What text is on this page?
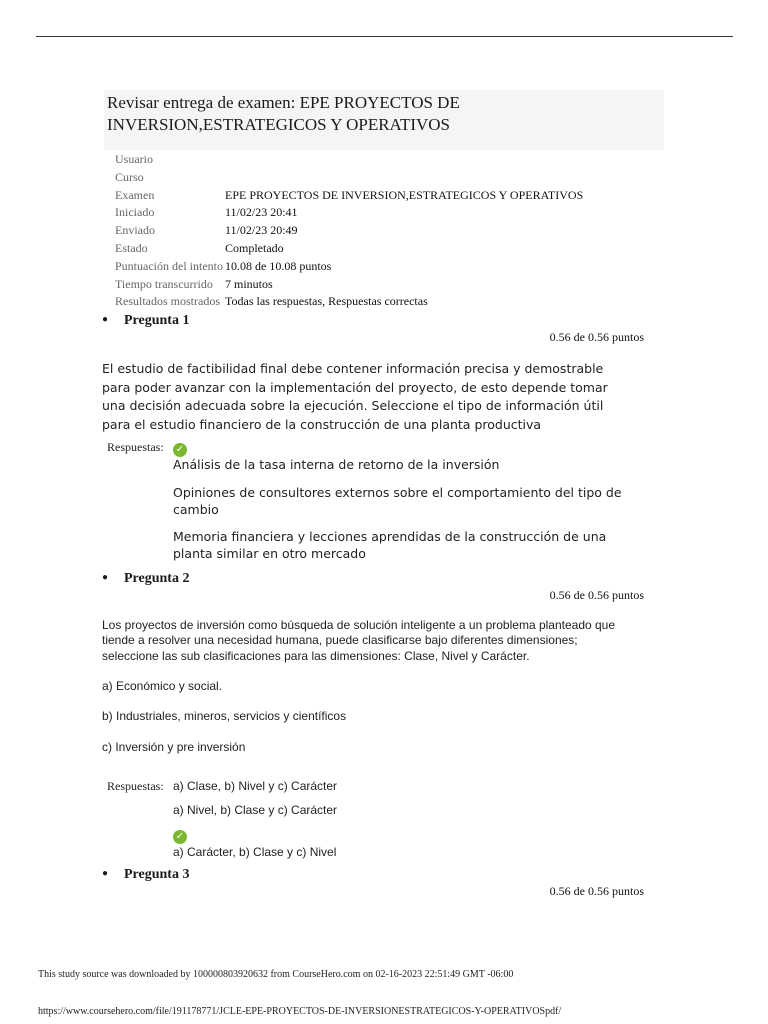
Revisar entrega de examen: EPE PROYECTOS DE INVERSION,ESTRATEGICOS Y OPERATIVOS
Usuario	
Curso	
Examen	EPE PROYECTOS DE INVERSION,ESTRATEGICOS Y OPERATIVOS
Iniciado	11/02/23 20:41
Enviado	11/02/23 20:49
Estado	Completado
Puntuación del intento	10.08 de 10.08 puntos
Tiempo transcurrido	7 minutos
Resultados mostrados	Todas las respuestas, Respuestas correctas
● Pregunta 1
0.56 de 0.56 puntos
El estudio de factibilidad final debe contener información precisa y demostrable para poder avanzar con la implementación del proyecto, de esto depende tomar una decisión adecuada sobre la ejecución. Seleccione el tipo de información útil para el estudio financiero de la construcción de una planta productiva
Respuestas: ✓
Análisis de la tasa interna de retorno de la inversión
Opiniones de consultores externos sobre el comportamiento del tipo de cambio
Memoria financiera y lecciones aprendidas de la construcción de una planta similar en otro mercado
● Pregunta 2
0.56 de 0.56 puntos
Los proyectos de inversión como búsqueda de solución inteligente a un problema planteado que tiende a resolver una necesidad humana, puede clasificarse bajo diferentes dimensiones; seleccione las sub clasificaciones para las dimensiones: Clase, Nivel y Carácter.
a) Económico y social.
b) Industriales, mineros, servicios y científicos
c) Inversión y pre inversión
Respuestas: a) Clase, b) Nivel y c) Carácter
a) Nivel, b) Clase y c) Carácter
✓
a) Carácter, b) Clase y c) Nivel
● Pregunta 3
0.56 de 0.56 puntos
This study source was downloaded by 100000803920632 from CourseHero.com on 02-16-2023 22:51:49 GMT -06:00
https://www.coursehero.com/file/191178771/JCLE-EPE-PROYECTOS-DE-INVERSIONESTRATEGICOS-Y-OPERATIVOSpdf/
